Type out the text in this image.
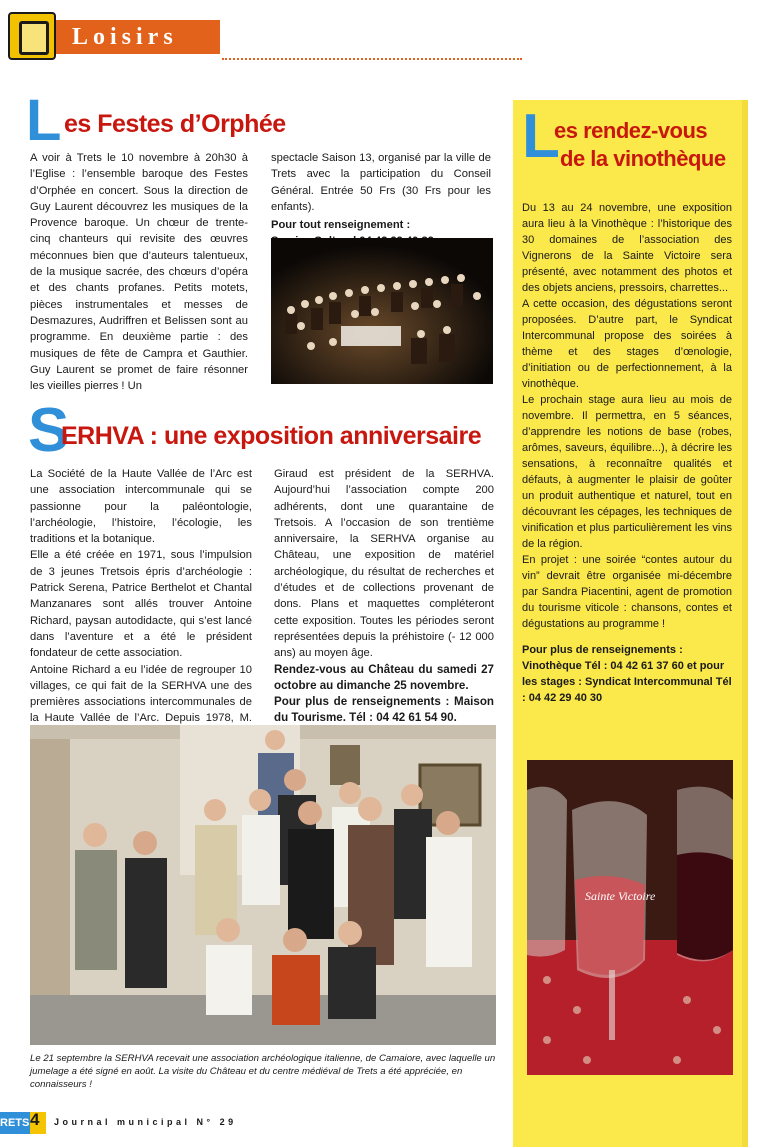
Loisirs
L es Festes d’Orphée

A voir à Trets le 10 novembre à 20h30 à l’Eglise : l’ensemble baroque des Festes d’Orphée en concert. Sous la direction de Guy Laurent découvrez les musiques de la Provence baroque. Un chœur de trente-cinq chanteurs qui revisite des œuvres méconnues bien que d’auteurs talentueux, de la musique sacrée, des chœurs d’opéra et des chants profanes. Petits motets, pièces instrumentales et messes de Desmazures, Audriffren et Belissen sont au programme. En deuxième partie : des musiques de fête de Campra et Gauthier. Guy Laurent se promet de faire résonner les vieilles pierres ! Un

spectacle Saison 13, organisé par la ville de Trets avec la participation du Conseil Général. Entrée 50 Frs (30 Frs pour les enfants).

Pour tout renseignement :

S
ERHVA : une exposition anniversaire

La Société de la Haute Vallée de l’Arc est une association intercommunale qui se passionne pour la paléontologie, l’archéologie, l’histoire, l’écologie, les traditions et la botanique.

Elle a été créée en 1971, sous l’impulsion de 3 jeunes Tretsois épris d’archéologie : Patrick Serena, Patrice Berthelot et Chantal Manzanares sont allés trouver Antoine Richard, paysan autodidacte, qui s’est lancé dans l’aventure et a été le président fondateur de cette association.

Antoine Richard a eu l’idée de regrouper 10 villages, ce qui fait de la SERHVA une des premières associations intercommunales de la Haute Vallée de l’Arc. Depuis 1978, M.

Giraud est président de la SERHVA. Aujourd’hui l’association compte 200 adhérents, dont une quarantaine de Tretsois. A l’occasion de son trentième anniversaire, la SERHVA organise au Château, une exposition de matériel archéologique, du résultat de recherches et d’études et de collections provenant de dons. Plans et maquettes compléteront cette exposition. Toutes les périodes seront représentées depuis la préhistoire (- 12 000 ans) au moyen âge.

Rendez-vous au Château du samedi 27 octobre au dimanche 25 novembre.

Pour plus de renseignements : Maison du Tourisme. Tél : 04 42 61 54 90.

Le 21 septembre la SERHVA recevait une association archéologique italienne, de Camaiore, avec laquelle un jumelage a été signé en août. La visite du Château et du centre médiéval de Trets a été appréciée, en connaisseurs !
L
es rendez-vous
de la vinothèque

Du 13 au 24 novembre, une exposition aura lieu à la Vinothèque : l’historique des 30 domaines de l’association des Vignerons de la Sainte Victoire sera présenté, avec notamment des photos et des objets anciens, pressoirs, charrettes...

A cette occasion, des dégustations seront proposées. D’autre part, le Syndicat Intercommunal propose des soirées à thème et des stages d’œnologie, d’initiation ou de perfectionnement, à la vinothèque.

Le prochain stage aura lieu au mois de novembre. Il permettra, en 5 séances, d’apprendre les notions de base (robes, arômes, saveurs, équilibre...), à décrire les sensations, à reconnaître qualités et défauts, à augmenter le plaisir de goûter un produit authentique et naturel, tout en découvrant les cépages, les techniques de vinification et plus particulièrement les vins de la région.

En projet : une soirée “contes autour du vin” devrait être organisée mi-décembre par Sandra Piacentini, agent de promotion du tourisme viticole : chansons, contes et dégustations au programme !

Pour plus de renseignements : Vinothèque Tél : 04 42 61 37 60 et pour les stages : Syndicat Intercommunal Tél : 04 42 29 40 30

Sainte Victoire
RETS 4 Journal municipal N° 29
